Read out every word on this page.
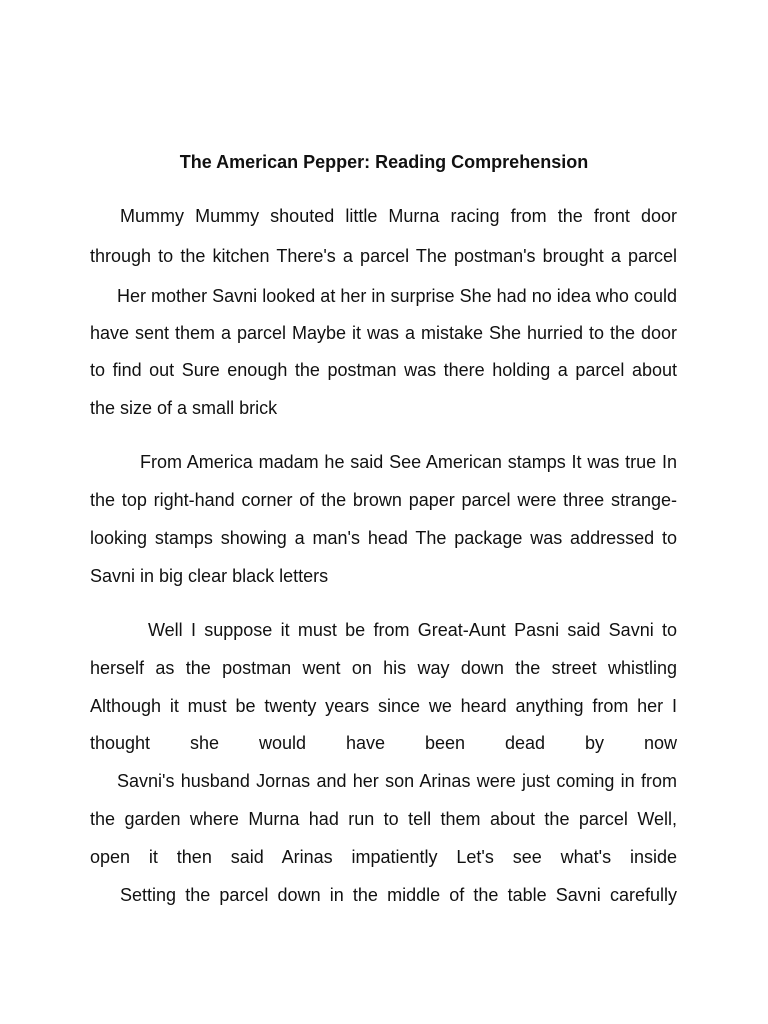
The American Pepper: Reading Comprehension
Mummy Mummy shouted little Murna racing from the front door
through to the kitchen There's a parcel The postman's brought a parcel
Her mother Savni looked at her in surprise She had no idea who could
have sent them a parcel Maybe it was a mistake She hurried to the door
to find out Sure enough the postman was there holding a parcel about
the size of a small brick
From America madam he said See American stamps It was true In
the top right-hand corner of the brown paper parcel were three strange-
looking stamps showing a man's head The package was addressed to
Savni in big clear black letters
Well I suppose it must be from Great-Aunt Pasni said Savni to
herself as the postman went on his way down the street whistling
Although it must be twenty years since we heard anything from her I
thought she would have been dead by now
Savni's husband Jornas and her son Arinas were just coming in from
the garden where Murna had run to tell them about the parcel Well,
open it then said Arinas impatiently Let's see what's inside
Setting the parcel down in the middle of the table Savni carefully
